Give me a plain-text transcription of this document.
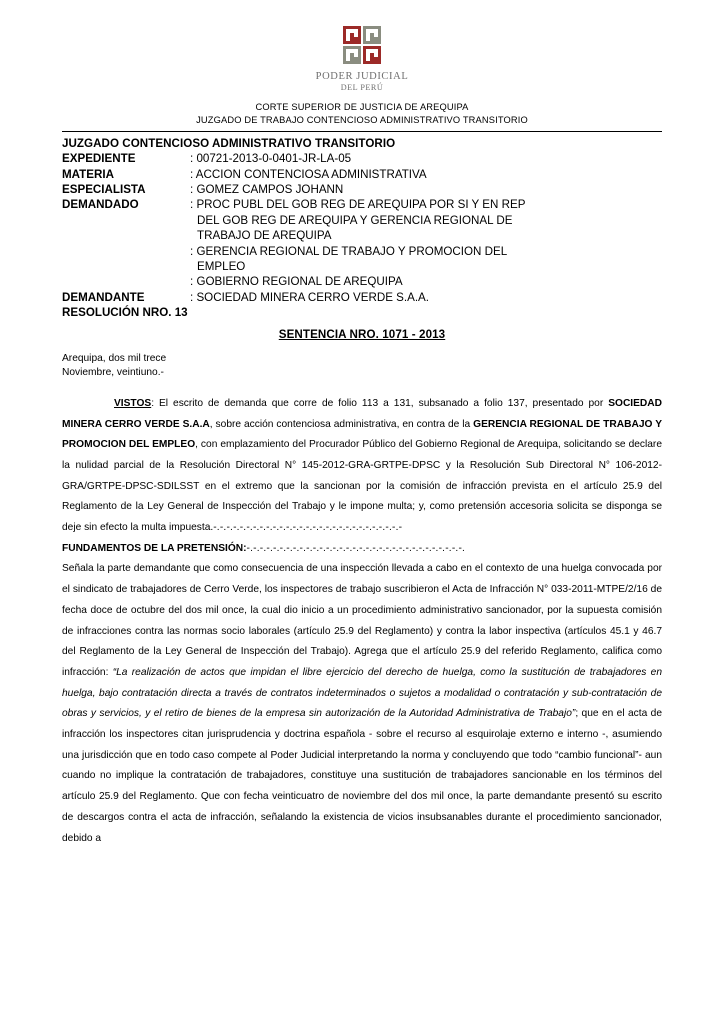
PODER JUDICIAL
DEL PERÚ
CORTE SUPERIOR DE JUSTICIA DE AREQUIPA
JUZGADO DE TRABAJO CONTENCIOSO ADMINISTRATIVO TRANSITORIO
JUZGADO CONTENCIOSO ADMINISTRATIVO TRANSITORIO
EXPEDIENTE	: 00721-2013-0-0401-JR-LA-05

MATERIA	: ACCION CONTENCIOSA ADMINISTRATIVA

ESPECIALISTA	: GOMEZ CAMPOS JOHANN

DEMANDADO	: PROC PUBL DEL GOB REG DE AREQUIPA POR SI Y EN REP
DEL GOB REG DE AREQUIPA Y GERENCIA REGIONAL DE
TRABAJO DE AREQUIPA
: GERENCIA REGIONAL DE TRABAJO Y PROMOCION DEL
EMPLEO
: GOBIERNO REGIONAL DE AREQUIPA

DEMANDANTE	: SOCIEDAD MINERA CERRO VERDE S.A.A.
RESOLUCIÓN NRO. 13
SENTENCIA NRO. 1071 - 2013
Arequipa, dos mil trece
Noviembre, veintiuno.-

VISTOS: El escrito de demanda que corre de folio 113 a 131, subsanado a folio 137, presentado por SOCIEDAD MINERA CERRO VERDE S.A.A, sobre acción contenciosa administrativa, en contra de la GERENCIA REGIONAL DE TRABAJO Y PROMOCION DEL EMPLEO, con emplazamiento del Procurador Público del Gobierno Regional de Arequipa, solicitando se declare la nulidad parcial de la Resolución Directoral N° 145-2012-GRA-GRTPE-DPSC y la Resolución Sub Directoral N° 106-2012-GRA/GRTPE-DPSC-SDILSST en el extremo que la sancionan por la comisión de infracción prevista en el artículo 25.9 del Reglamento de la Ley General de Inspección del Trabajo y le impone multa; y, como pretensión accesoria solicita se disponga se deje sin efecto la multa impuesta.-.-.-.-.-.-.-.-.-.-.-.-.-.-.-.-.-.-.-.-.-.-.-.-.-.-.-.-.-

FUNDAMENTOS DE LA PRETENSIÓN:-.-.-.-.-.-.-.-.-.-.-.-.-.-.-.-.-.-.-.-.-.-.-.-.-.-.-.-.-.-.-.-.-.

Señala la parte demandante que como consecuencia de una inspección llevada a cabo en el contexto de una huelga convocada por el sindicato de trabajadores de Cerro Verde, los inspectores de trabajo suscribieron el Acta de Infracción N° 033-2011-MTPE/2/16 de fecha doce de octubre del dos mil once, la cual dio inicio a un procedimiento administrativo sancionador, por la supuesta comisión de infracciones contra las normas socio laborales (artículo 25.9 del Reglamento) y contra la labor inspectiva (artículos 45.1 y 46.7 del Reglamento de la Ley General de Inspección del Trabajo). Agrega que el artículo 25.9 del referido Reglamento, califica como infracción: “La realización de actos que impidan el libre ejercicio del derecho de huelga, como la sustitución de trabajadores en huelga, bajo contratación directa a través de contratos indeterminados o sujetos a modalidad o contratación y sub-contratación de obras y servicios, y el retiro de bienes de la empresa sin autorización de la Autoridad Administrativa de Trabajo”; que en el acta de infracción los inspectores citan jurisprudencia y doctrina española - sobre el recurso al esquirolaje externo e interno -, asumiendo una jurisdicción que en todo caso compete al Poder Judicial interpretando la norma y concluyendo que todo “cambio funcional”- aun cuando no implique la contratación de trabajadores, constituye una sustitución de trabajadores sancionable en los términos del artículo 25.9 del Reglamento. Que con fecha veinticuatro de noviembre del dos mil once, la parte demandante presentó su escrito de descargos contra el acta de infracción, señalando la existencia de vicios insubsanables durante el procedimiento sancionador, debido a
